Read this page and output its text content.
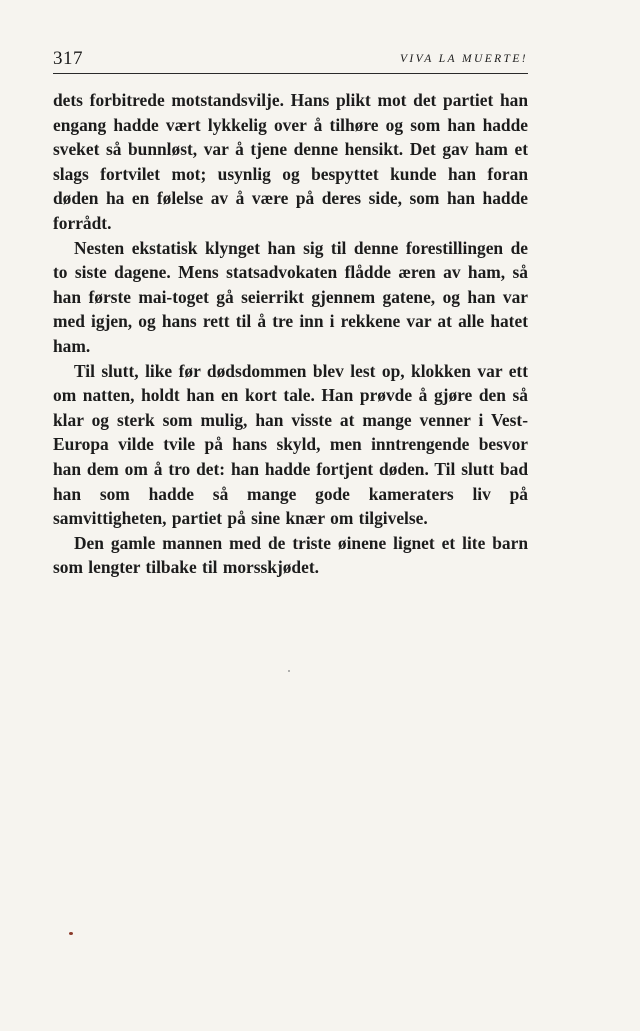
317	VIVA LA MUERTE!

dets forbitrede motstandsvilje. Hans plikt mot det partiet han engang hadde vært lykkelig over å tilhøre og som han hadde sveket så bunnløst, var å tjene denne hensikt. Det gav ham et slags fortvilet mot; usynlig og bespyttet kunde han foran døden ha en følelse av å være på deres side, som han hadde forrådt.

Nesten ekstatisk klynget han sig til denne forestillingen de to siste dagene. Mens statsadvokaten flådde æren av ham, så han første mai-toget gå seierrikt gjennem gatene, og han var med igjen, og hans rett til å tre inn i rekkene var at alle hatet ham.

Til slutt, like før dødsdommen blev lest op, klokken var ett om natten, holdt han en kort tale. Han prøvde å gjøre den så klar og sterk som mulig, han visste at mange venner i Vest-Europa vilde tvile på hans skyld, men inntrengende besvor han dem om å tro det: han hadde fortjent døden. Til slutt bad han som hadde så mange gode kameraters liv på samvittigheten, partiet på sine knær om tilgivelse.

Den gamle mannen med de triste øinene lignet et lite barn som lengter tilbake til morsskjødet.
